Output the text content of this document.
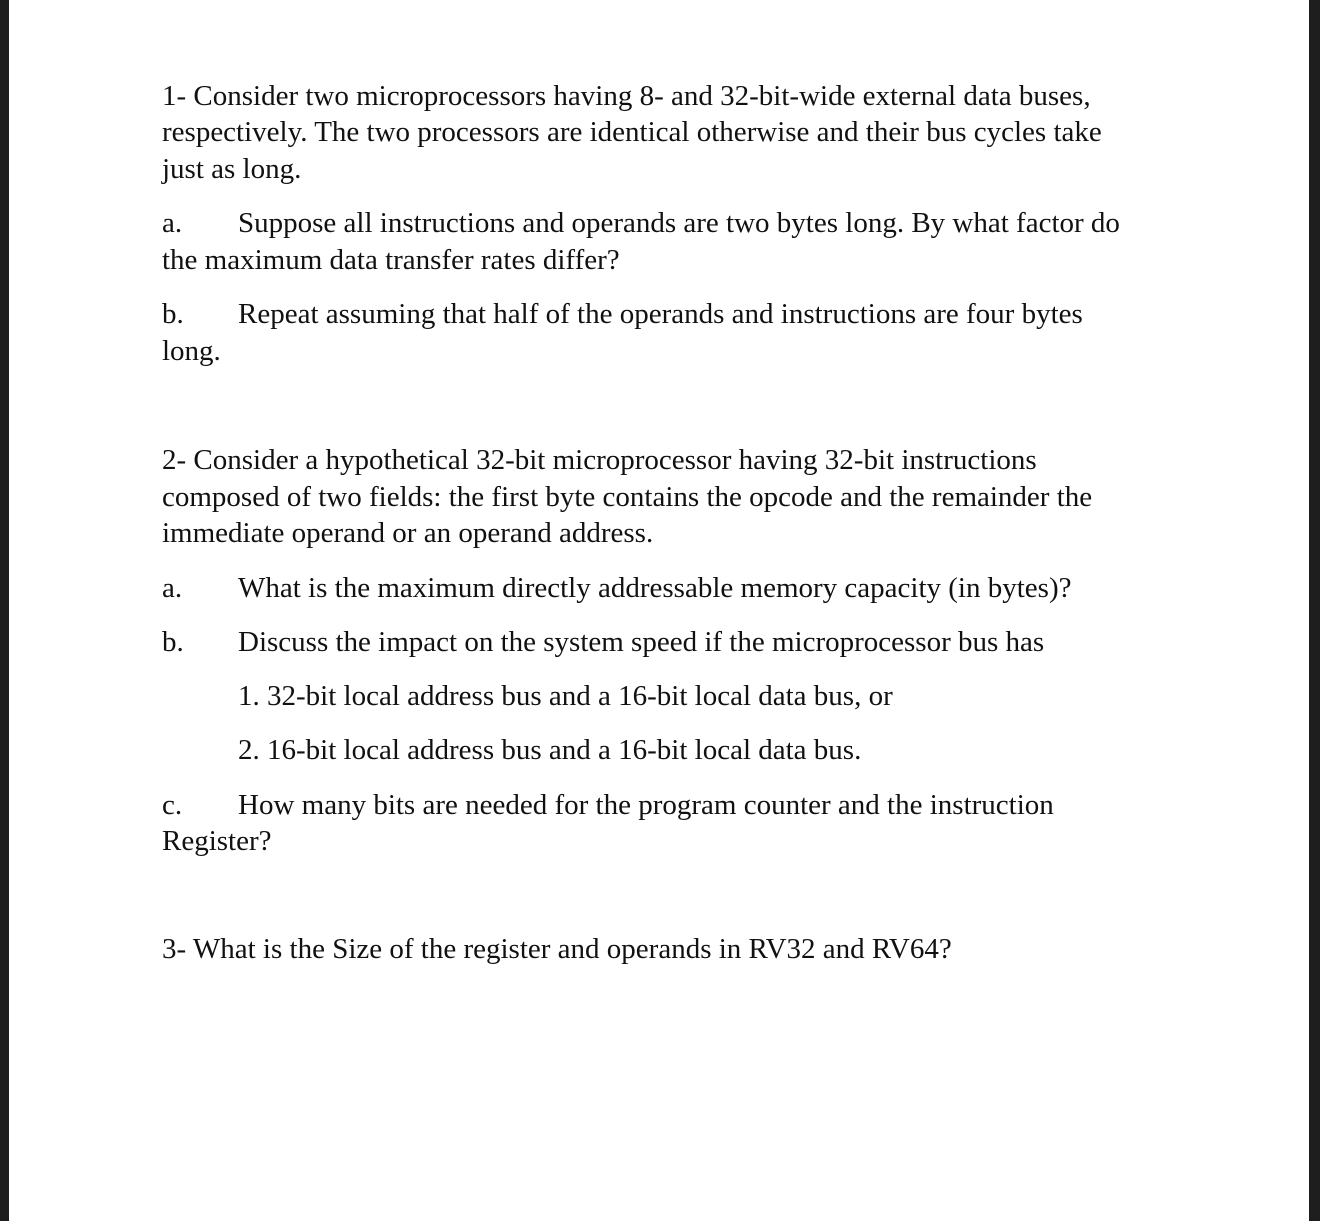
1- Consider two microprocessors having 8- and 32-bit-wide external data buses,
respectively. The two processors are identical otherwise and their bus cycles take
just as long.
a. Suppose all instructions and operands are two bytes long. By what factor do
the maximum data transfer rates differ?
b. Repeat assuming that half of the operands and instructions are four bytes
long.
2- Consider a hypothetical 32-bit microprocessor having 32-bit instructions
composed of two fields: the first byte contains the opcode and the remainder the
immediate operand or an operand address.
a. What is the maximum directly addressable memory capacity (in bytes)?
b. Discuss the impact on the system speed if the microprocessor bus has
1. 32-bit local address bus and a 16-bit local data bus, or
2. 16-bit local address bus and a 16-bit local data bus.
c. How many bits are needed for the program counter and the instruction
Register?
3- What is the Size of the register and operands in RV32 and RV64?
